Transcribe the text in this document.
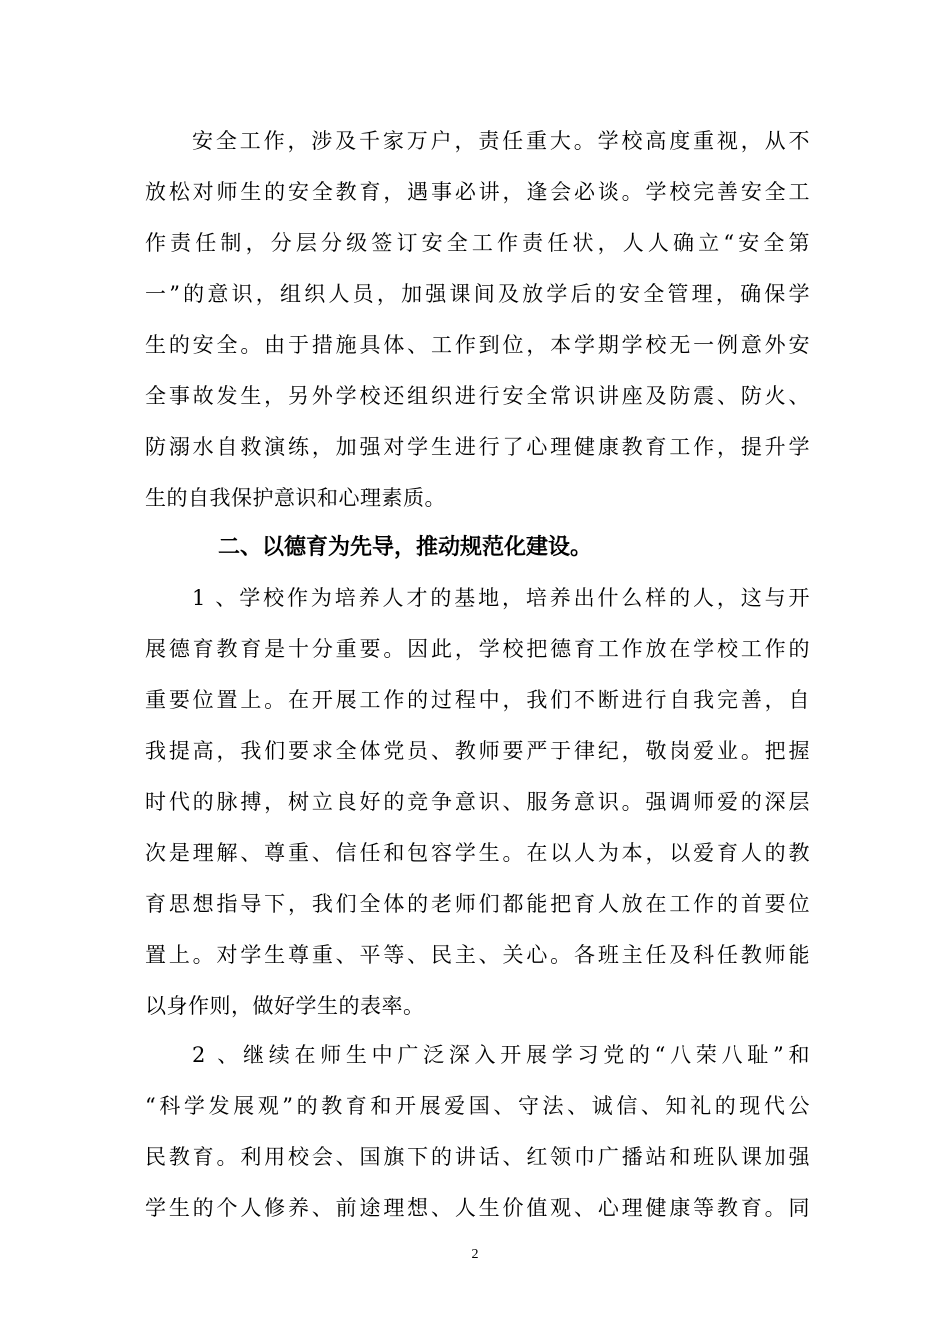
安全工作，涉及千家万户，责任重大。学校高度重视，从不
放松对师生的安全教育，遇事必讲，逢会必谈。学校完善安全工
作责任制，分层分级签订安全工作责任状，人人确立“安全第
一”的意识，组织人员，加强课间及放学后的安全管理，确保学
生的安全。由于措施具体、工作到位，本学期学校无一例意外安
全事故发生，另外学校还组织进行安全常识讲座及防震、防火、
防溺水自救演练，加强对学生进行了心理健康教育工作，提升学
生的自我保护意识和心理素质。
二、以德育为先导，推动规范化建设。
1 、学校作为培养人才的基地，培养出什么样的人，这与开
展德育教育是十分重要。因此，学校把德育工作放在学校工作的
重要位置上。在开展工作的过程中，我们不断进行自我完善，自
我提高，我们要求全体党员、教师要严于律纪，敬岗爱业。把握
时代的脉搏，树立良好的竞争意识、服务意识。强调师爱的深层
次是理解、尊重、信任和包容学生。在以人为本，以爱育人的教
育思想指导下，我们全体的老师们都能把育人放在工作的首要位
置上。对学生尊重、平等、民主、关心。各班主任及科任教师能
以身作则，做好学生的表率。
2 、继续在师生中广泛深入开展学习党的“八荣八耻”和
“科学发展观”的教育和开展爱国、守法、诚信、知礼的现代公
民教育。利用校会、国旗下的讲话、红领巾广播站和班队课加强
学生的个人修养、前途理想、人生价值观、心理健康等教育。同
2
